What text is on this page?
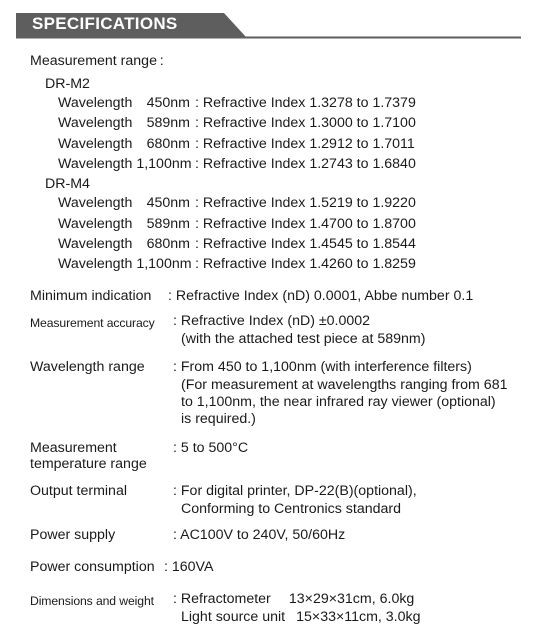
SPECIFICATIONS
Measurement range :
DR-M2
Wavelength 450nm : Refractive Index 1.3278 to 1.7379
Wavelength 589nm : Refractive Index 1.3000 to 1.7100
Wavelength 680nm : Refractive Index 1.2912 to 1.7011
Wavelength 1,100nm : Refractive Index 1.2743 to 1.6840
DR-M4
Wavelength 450nm : Refractive Index 1.5219 to 1.9220
Wavelength 589nm : Refractive Index 1.4700 to 1.8700
Wavelength 680nm : Refractive Index 1.4545 to 1.8544
Wavelength 1,100nm : Refractive Index 1.4260 to 1.8259
Minimum indication : Refractive Index (nD) 0.0001, Abbe number 0.1
Measurement accuracy : Refractive Index (nD) ±0.0002
(with the attached test piece at 589nm)
Wavelength range : From 450 to 1,100nm (with interference filters)
(For measurement at wavelengths ranging from 681
to 1,100nm, the near infrared ray viewer (optional)
is required.)
Measurement
temperature range
: 5 to 500°C
Output terminal	: For digital printer, DP-22(B)(optional),
Conforming to Centronics standard
Power supply	: AC100V to 240V, 50/60Hz
Power consumption : 160VA
Dimensions and weight : Refractometer  13×29×31cm, 6.0kg
Light source unit  15×33×11cm, 3.0kg
